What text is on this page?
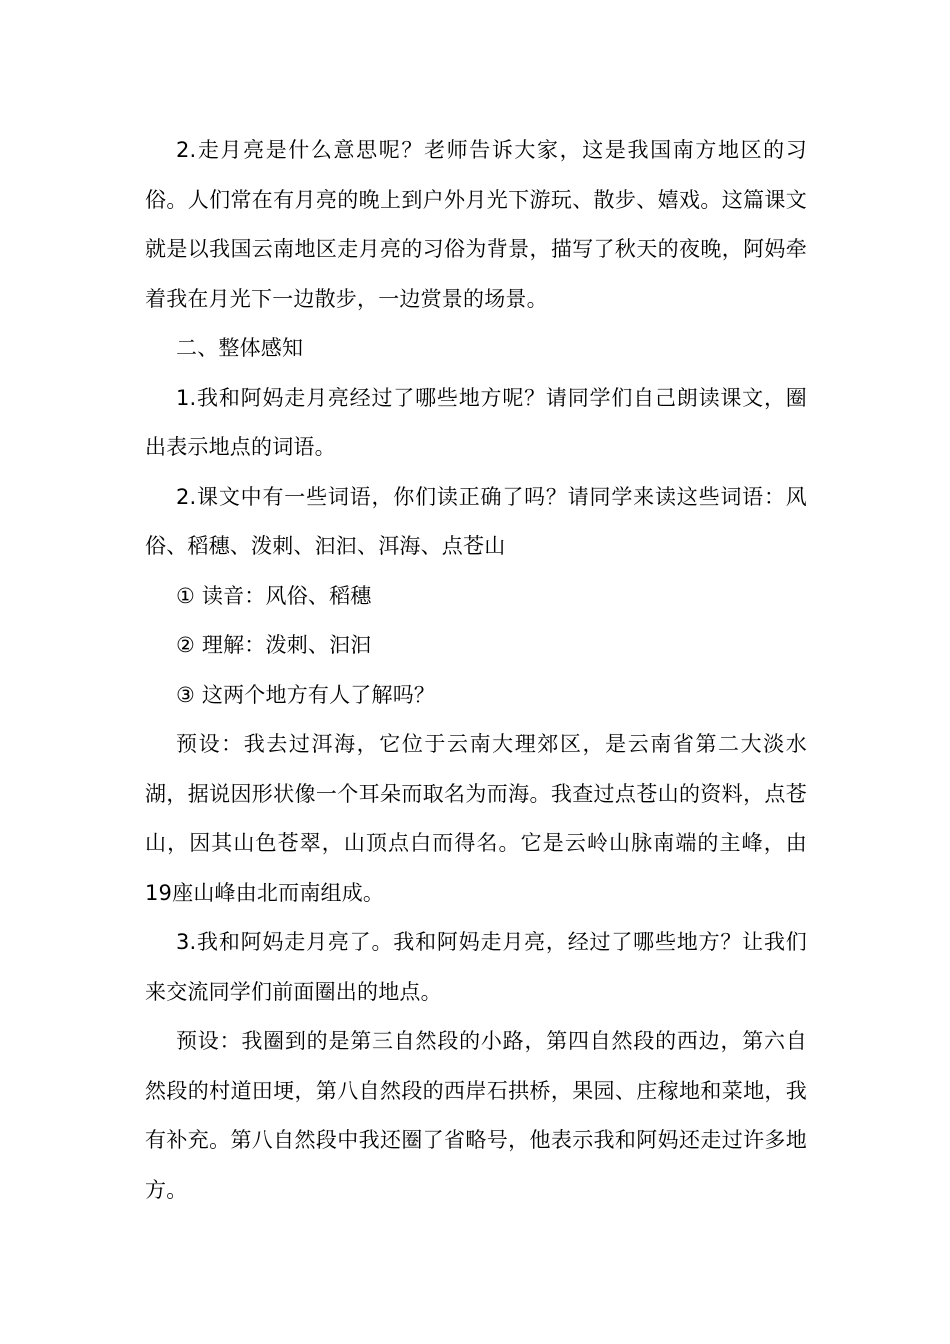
2.走月亮是什么意思呢？老师告诉大家，这是我国南方地区的习俗。人们常在有月亮的晚上到户外月光下游玩、散步、嬉戏。这篇课文就是以我国云南地区走月亮的习俗为背景，描写了秋天的夜晚，阿妈牵着我在月光下一边散步，一边赏景的场景。

二、整体感知

1.我和阿妈走月亮经过了哪些地方呢？请同学们自己朗读课文，圈出表示地点的词语。

2.课文中有一些词语，你们读正确了吗？请同学来读这些词语：风俗、稻穗、泼刺、汩汩、洱海、点苍山

① 读音：风俗、稻穗

② 理解：泼刺、汩汩

③ 这两个地方有人了解吗？

预设：我去过洱海，它位于云南大理郊区，是云南省第二大淡水湖，据说因形状像一个耳朵而取名为而海。我查过点苍山的资料，点苍山，因其山色苍翠，山顶点白而得名。它是云岭山脉南端的主峰，由19座山峰由北而南组成。

3.我和阿妈走月亮了。我和阿妈走月亮，经过了哪些地方？让我们来交流同学们前面圈出的地点。

预设：我圈到的是第三自然段的小路，第四自然段的西边，第六自然段的村道田埂，第八自然段的西岸石拱桥，果园、庄稼地和菜地，我有补充。第八自然段中我还圈了省略号，他表示我和阿妈还走过许多地方。
